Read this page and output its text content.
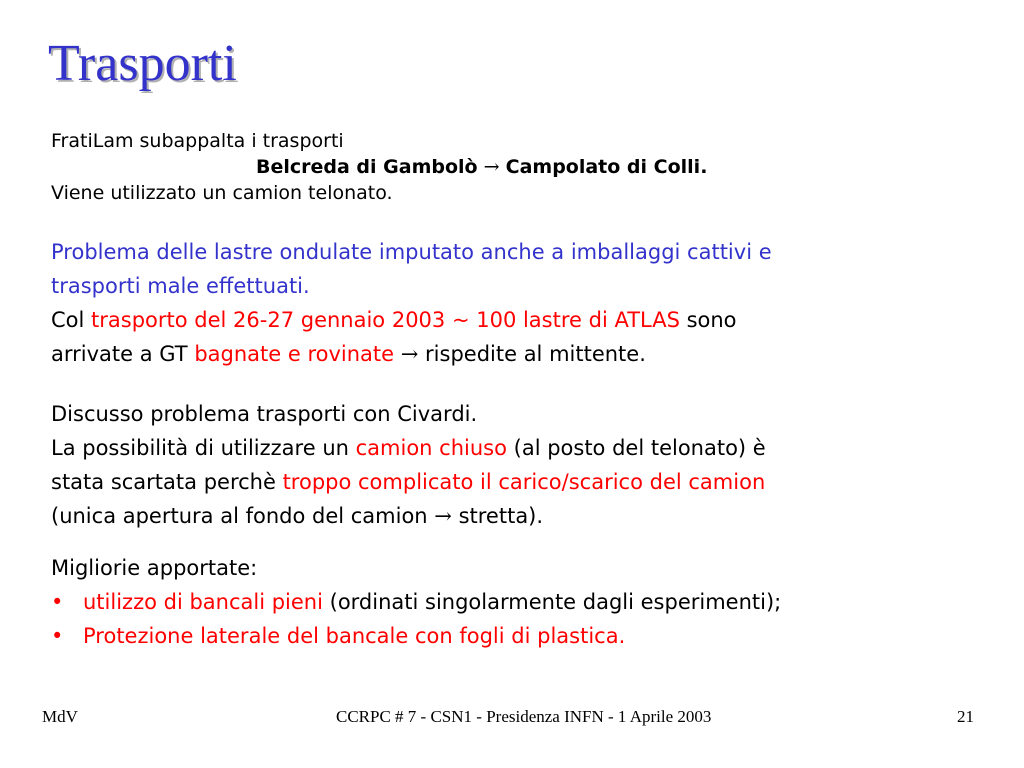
Trasporti
FratiLam subappalta i trasporti
Belcreda di Gambolò → Campolato di Colli.
Viene utilizzato un camion telonato.
Problema delle lastre ondulate imputato anche a imballaggi cattivi e
trasporti male effettuati.
Col trasporto del 26-27 gennaio 2003 ~ 100 lastre di ATLAS sono
arrivate a GT bagnate e rovinate → rispedite al mittente.
Discusso problema trasporti con Civardi.
La possibilità di utilizzare un camion chiuso (al posto del telonato) è
stata scartata perchè troppo complicato il carico/scarico del camion
(unica apertura al fondo del camion → stretta).
Migliorie apportate:
• utilizzo di bancali pieni (ordinati singolarmente dagli esperimenti);
• Protezione laterale del bancale con fogli di plastica.
MdV	CCRPC # 7 - CSN1 - Presidenza INFN - 1 Aprile 2003	21
